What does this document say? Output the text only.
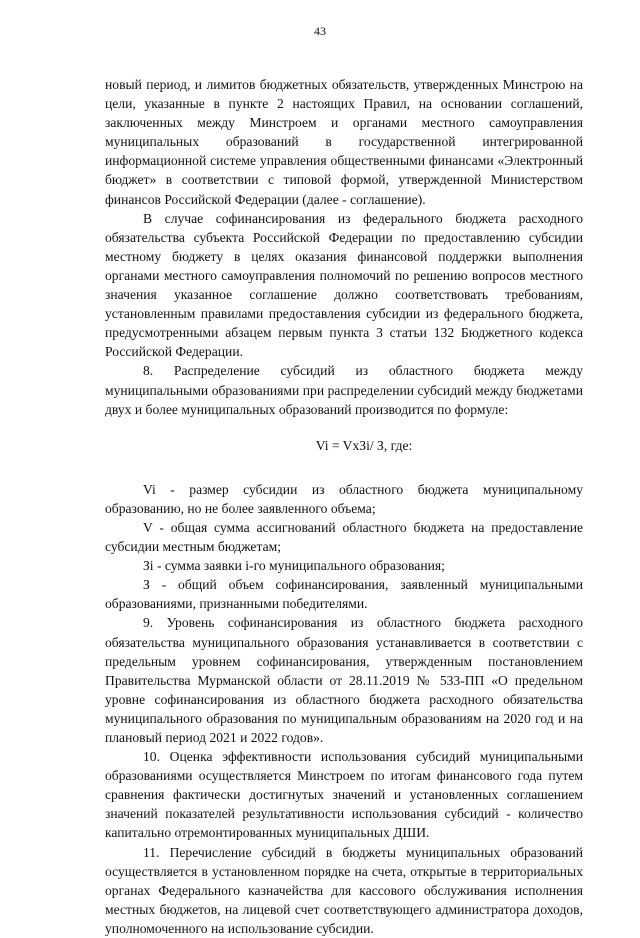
43

новый период, и лимитов бюджетных обязательств, утвержденных Минстрою на цели, указанные в пункте 2 настоящих Правил, на основании соглашений, заключенных между Минстроем и органами местного самоуправления муниципальных образований в государственной интегрированной информационной системе управления общественными финансами «Электронный бюджет» в соответствии с типовой формой, утвержденной Министерством финансов Российской Федерации (далее - соглашение).

В случае софинансирования из федерального бюджета расходного обязательства субъекта Российской Федерации по предоставлению субсидии местному бюджету в целях оказания финансовой поддержки выполнения органами местного самоуправления полномочий по решению вопросов местного значения указанное соглашение должно соответствовать требованиям, установленным правилами предоставления субсидии из федерального бюджета, предусмотренными абзацем первым пункта 3 статьи 132 Бюджетного кодекса Российской Федерации.

8. Распределение субсидий из областного бюджета между муниципальными образованиями при распределении субсидий между бюджетами двух и более муниципальных образований производится по формуле:

Vi = VхЗi/ З, где:

Vi - размер субсидии из областного бюджета муниципальному образованию, но не более заявленного объема;

V - общая сумма ассигнований областного бюджета на предоставление субсидии местным бюджетам;

Зi - сумма заявки i-го муниципального образования;

З - общий объем софинансирования, заявленный муниципальными образованиями, признанными победителями.

9. Уровень софинансирования из областного бюджета расходного обязательства муниципального образования устанавливается в соответствии с предельным уровнем софинансирования, утвержденным постановлением Правительства Мурманской области от 28.11.2019 № 533-ПП «О предельном уровне софинансирования из областного бюджета расходного обязательства муниципального образования по муниципальным образованиям на 2020 год и на плановый период 2021 и 2022 годов».

10. Оценка эффективности использования субсидий муниципальными образованиями осуществляется Минстроем по итогам финансового года путем сравнения фактически достигнутых значений и установленных соглашением значений показателей результативности использования субсидий - количество капитально отремонтированных муниципальных ДШИ.

11. Перечисление субсидий в бюджеты муниципальных образований осуществляется в установленном порядке на счета, открытые в территориальных органах Федерального казначейства для кассового обслуживания исполнения местных бюджетов, на лицевой счет соответствующего администратора доходов, уполномоченного на использование субсидии.
